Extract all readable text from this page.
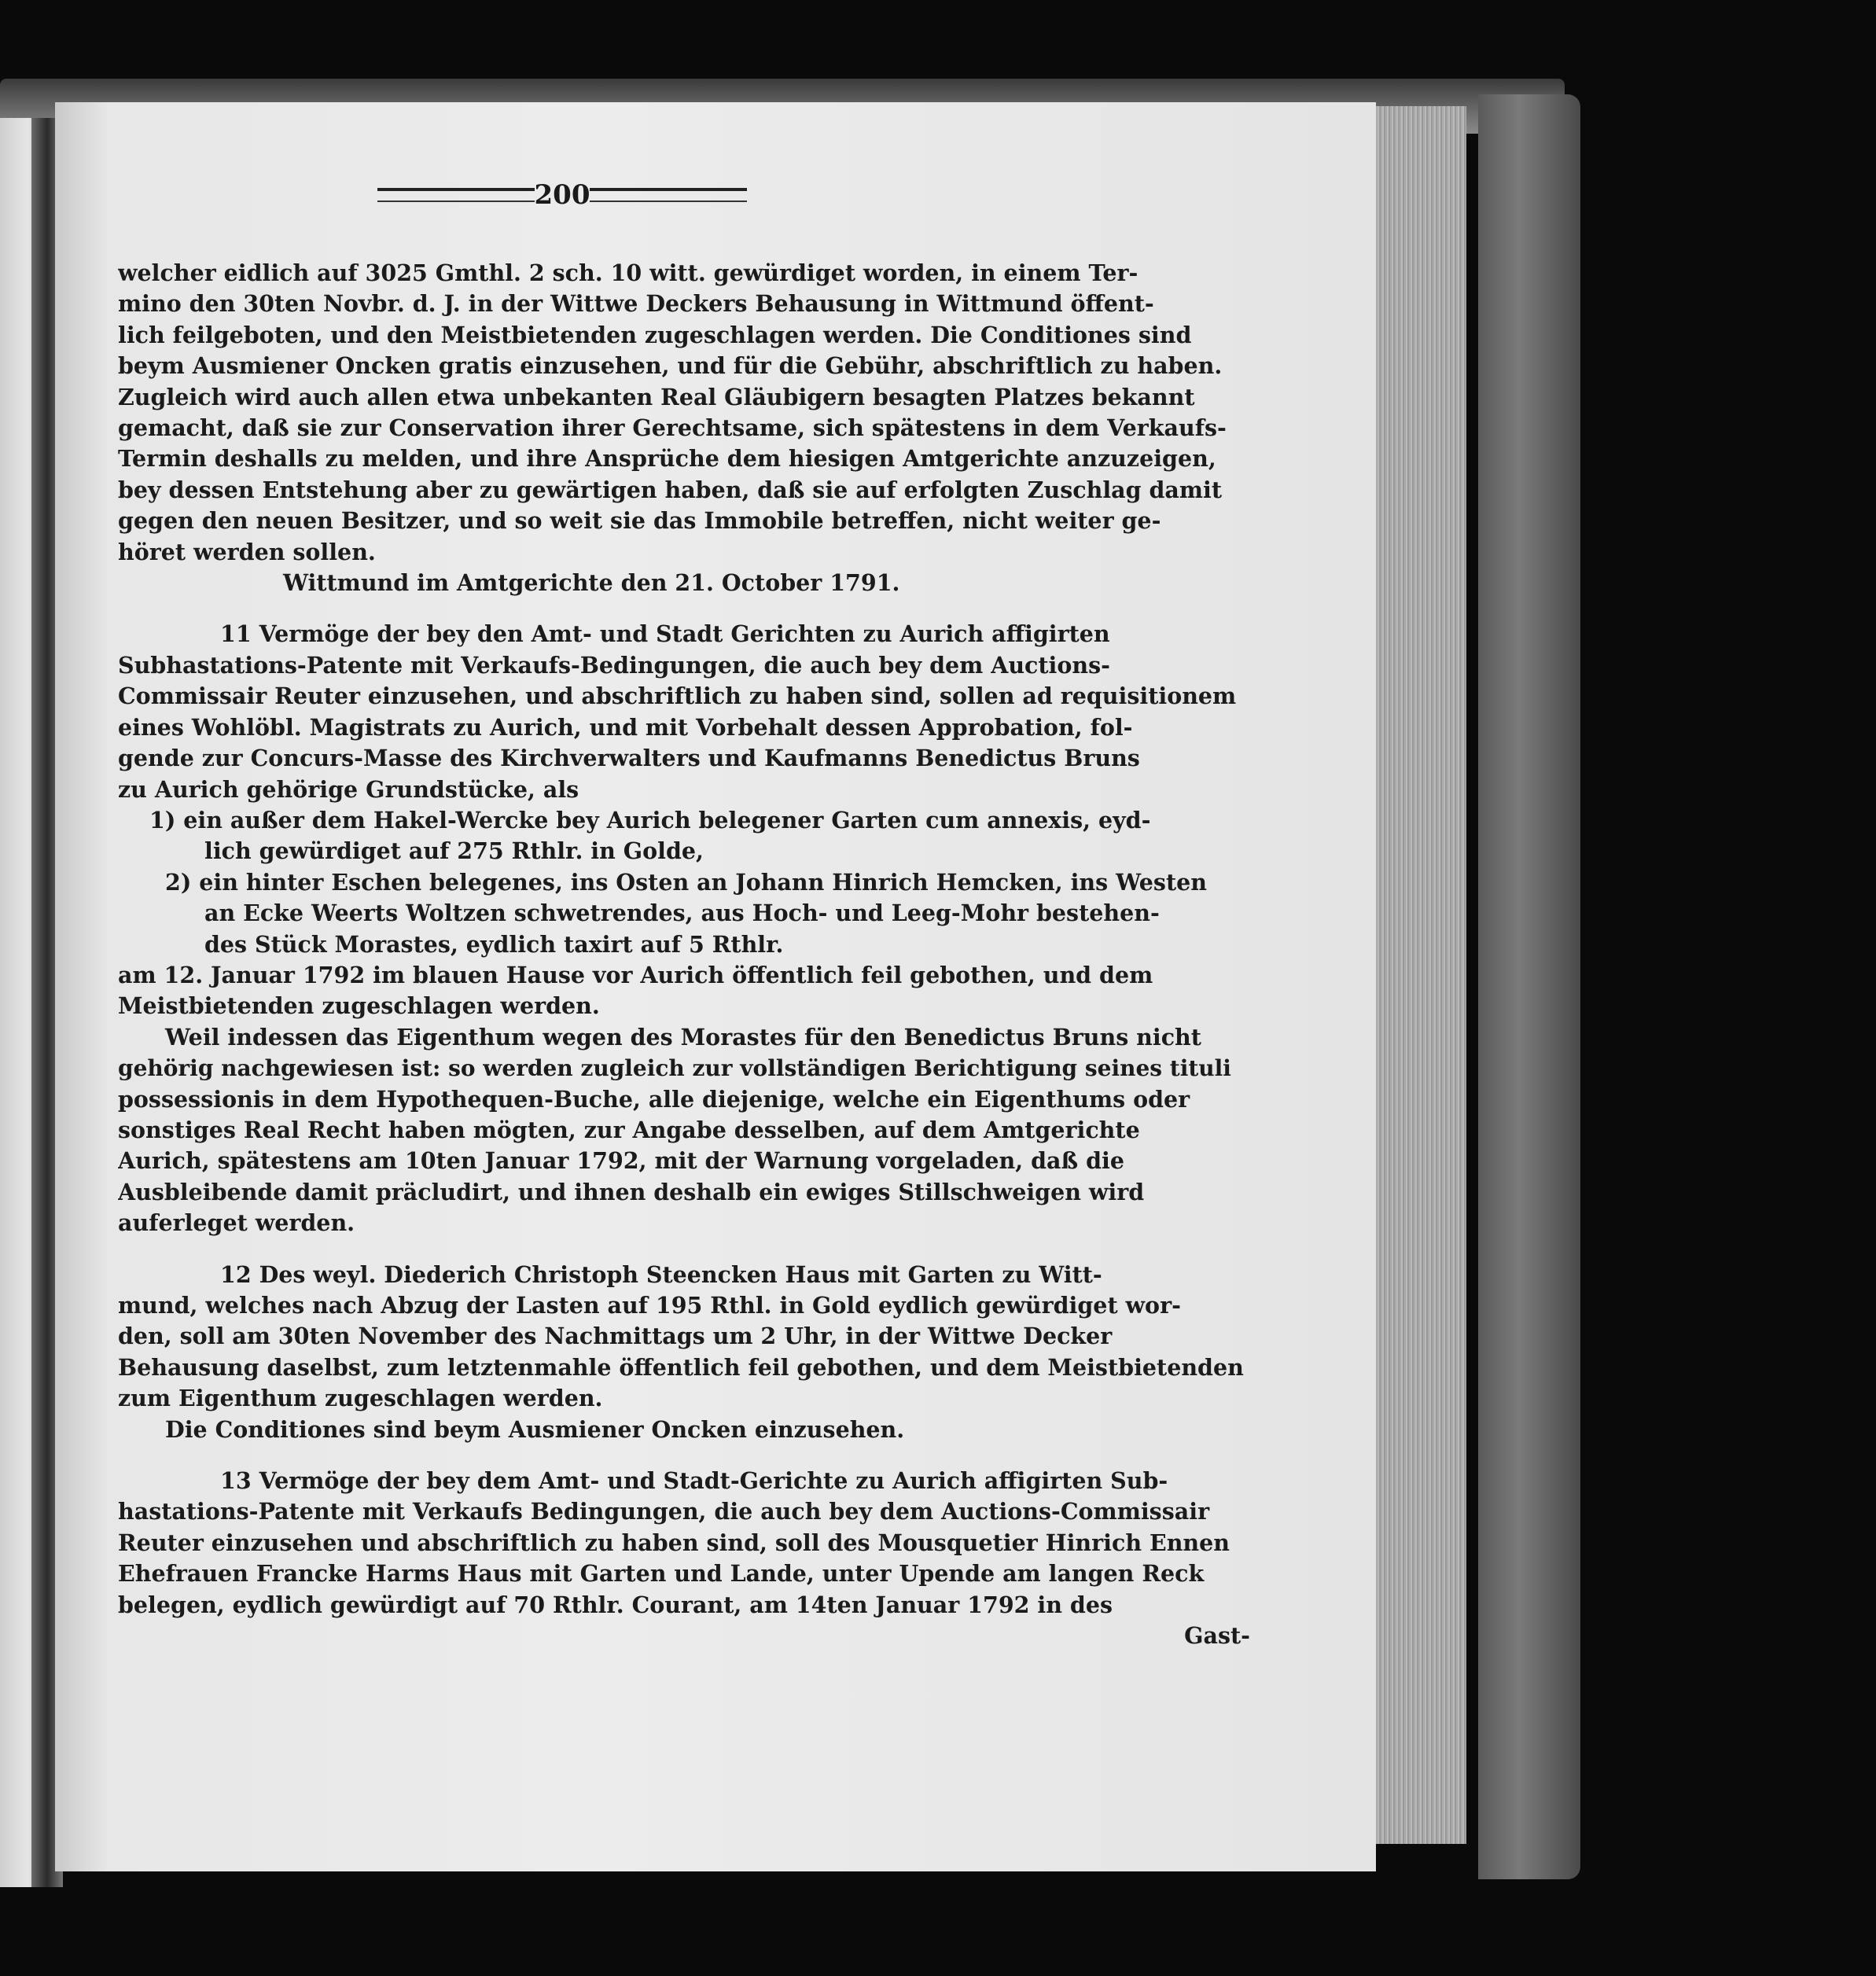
200
welcher eidlich auf 3025 Gmthl. 2 sch. 10 witt. gewürdiget worden, in einem Ter-
mino den 30ten Novbr. d. J. in der Wittwe Deckers Behausung in Wittmund öffent-
lich feilgeboten, und den Meistbietenden zugeschlagen werden. Die Conditiones sind
beym Ausmiener Oncken gratis einzusehen, und für die Gebühr, abschriftlich zu haben.
Zugleich wird auch allen etwa unbekanten Real Gläubigern besagten Platzes bekannt
gemacht, daß sie zur Conservation ihrer Gerechtsame, sich spätestens in dem Verkaufs-
Termin deshalls zu melden, und ihre Ansprüche dem hiesigen Amtgerichte anzuzeigen,
bey dessen Entstehung aber zu gewärtigen haben, daß sie auf erfolgten Zuschlag damit
gegen den neuen Besitzer, und so weit sie das Immobile betreffen, nicht weiter ge-
höret werden sollen.
Wittmund im Amtgerichte den 21. October 1791.
11 Vermöge der bey den Amt- und Stadt Gerichten zu Aurich affigirten
Subhastations-Patente mit Verkaufs-Bedingungen, die auch bey dem Auctions-
Commissair Reuter einzusehen, und abschriftlich zu haben sind, sollen ad requisitionem
eines Wohlöbl. Magistrats zu Aurich, und mit Vorbehalt dessen Approbation, fol-
gende zur Concurs-Masse des Kirchverwalters und Kaufmanns Benedictus Bruns
zu Aurich gehörige Grundstücke, als
1) ein außer dem Hakel-Wercke bey Aurich belegener Garten cum annexis, eyd-
lich gewürdiget auf 275 Rthlr. in Golde,
2) ein hinter Eschen belegenes, ins Osten an Johann Hinrich Hemcken, ins Westen
an Ecke Weerts Woltzen schwetrendes, aus Hoch- und Leeg-Mohr bestehen-
des Stück Morastes, eydlich taxirt auf 5 Rthlr.
am 12. Januar 1792 im blauen Hause vor Aurich öffentlich feil gebothen, und dem
Meistbietenden zugeschlagen werden.
Weil indessen das Eigenthum wegen des Morastes für den Benedictus Bruns nicht
gehörig nachgewiesen ist: so werden zugleich zur vollständigen Berichtigung seines tituli
possessionis in dem Hypothequen-Buche, alle diejenige, welche ein Eigenthums oder
sonstiges Real Recht haben mögten, zur Angabe desselben, auf dem Amtgerichte
Aurich, spätestens am 10ten Januar 1792, mit der Warnung vorgeladen, daß die
Ausbleibende damit präcludirt, und ihnen deshalb ein ewiges Stillschweigen wird
auferleget werden.
12 Des weyl. Diederich Christoph Steencken Haus mit Garten zu Witt-
mund, welches nach Abzug der Lasten auf 195 Rthl. in Gold eydlich gewürdiget wor-
den, soll am 30ten November des Nachmittags um 2 Uhr, in der Wittwe Decker
Behausung daselbst, zum letztenmahle öffentlich feil gebothen, und dem Meistbietenden
zum Eigenthum zugeschlagen werden.
Die Conditiones sind beym Ausmiener Oncken einzusehen.
13 Vermöge der bey dem Amt- und Stadt-Gerichte zu Aurich affigirten Sub-
hastations-Patente mit Verkaufs Bedingungen, die auch bey dem Auctions-Commissair
Reuter einzusehen und abschriftlich zu haben sind, soll des Mousquetier Hinrich Ennen
Ehefrauen Francke Harms Haus mit Garten und Lande, unter Upende am langen Reck
belegen, eydlich gewürdigt auf 70 Rthlr. Courant, am 14ten Januar 1792 in des
Gast-
